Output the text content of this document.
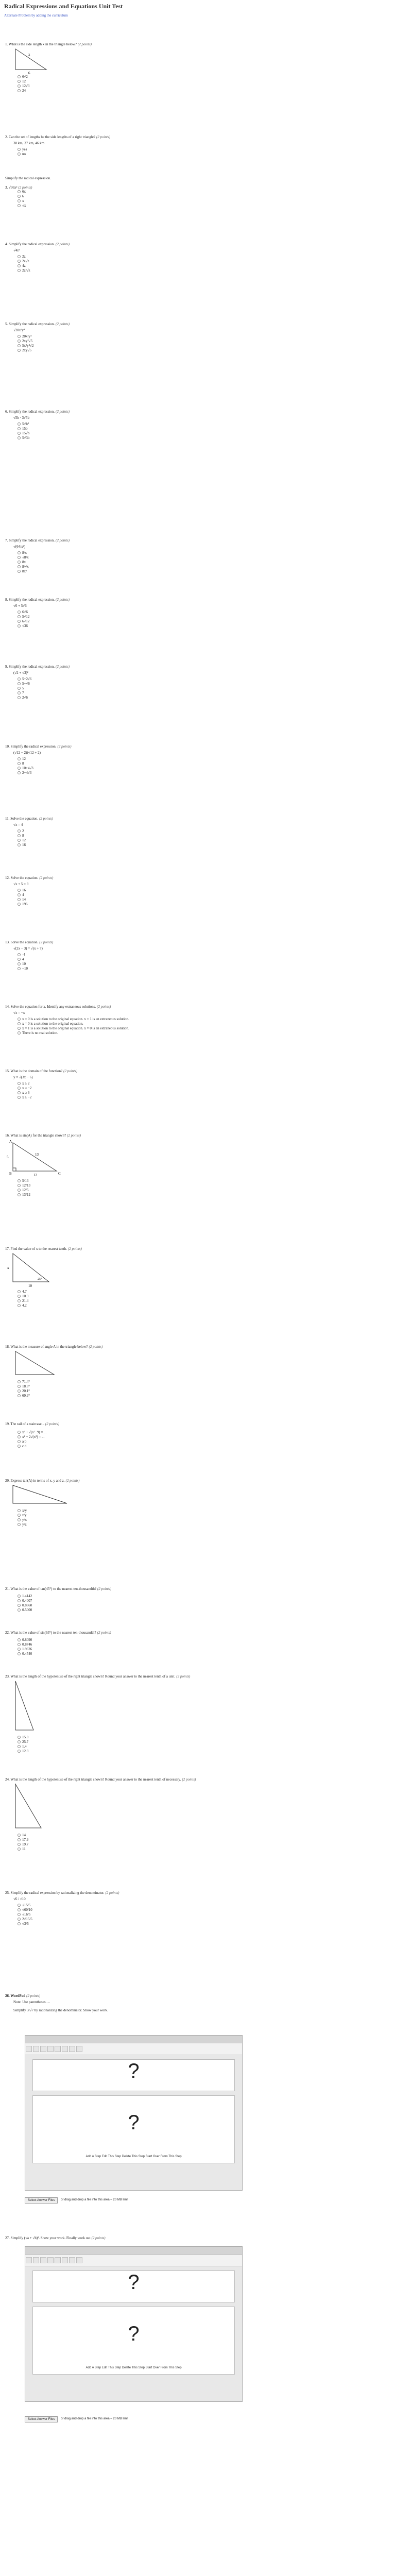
Radical Expressions and Equations Unit Test
Alternate Problem by adding the curriculum
1. What is the side length x in the triangle below? (2 points)
x
6
6√2
12
12√3
24
2. Can the set of lengths be the side lengths of a right triangle? (2 points)
30 km, 37 km, 46 km
yes
no
Simplify the radical expression.
3. √36x² (2 points)
6x
6
x
√x
4. Simplify the radical expression. (2 points)
√4z³
2z
2z√z
4z
2z²√z
5. Simplify the radical expression. (2 points)
√20x²y⁴
20x²y⁴
2xy²√5
5x²y⁴√2
2xy√5
6. Simplify the radical expression. (2 points)
√5b · 3√5b
5√b³
15b
15√b
5√3b
7. Simplify the radical expression. (2 points)
√(64/x²)
8/x
√8/x
8x
8/√x
8x²
8. Simplify the radical expression. (2 points)
√6 + 5√6
6√6
5√12
6√12
√36
9. Simplify the radical expression. (2 points)
(√2 + √3)²
5+2√6
5+√6
5
7
2√6
10. Simplify the radical expression. (2 points)
(√12 − 2)(√12 + 2)
12
8
10+4√3
2+4√3
11. Solve the equation. (2 points)
√x = 4
2
8
12
16
12. Solve the equation. (2 points)
√x + 5 = 9
16
4
14
196
13. Solve the equation. (2 points)
√(2x − 3) = √(x + 7)
-4
4
10
−10
14. Solve the equation for x. Identify any extraneous solutions. (2 points)
√x = −x
x = 0 is a solution to the original equation. x = 1 is an extraneous solution.
x = 0 is a solution to the original equation.
x = 1 is a solution to the original equation. x = 0 is an extraneous solution.
There is no real solution.
15. What is the domain of the function? (2 points)
y = √(3x − 6)
x ≥ 2
x ≤ −2
x ≥ 6
x ≥ −2
16. What is sin(A) for the triangle shown? (2 points)
A
B	C
13
5
12
5/13
12/13
12/5
13/12
17. Find the value of x to the nearest tenth. (2 points)
x
25°
10
4.7
10.3
21.4
4.2
18. What is the measure of angle A in the triangle below? (2 points)
71.4°
18.6°
20.1°
69.9°
19. The rail of a staircase... (2 points)
x² + √(x²−9) = ...
x² + 2√(x²) = ...
a b
c d
20. Express tan(A) in terms of x, y and z. (2 points)
x/y
z/y
y/x
y/z
21. What is the value of tan(45°) to the nearest ten-thousandth? (2 points)
1.4142
0.4007
0.8660
0.5000
22. What is the value of sin(63°) to the nearest ten-thousandth? (2 points)
0.8090
0.8746
1.9626
0.4540
23. What is the length of the hypotenuse of the right triangle shown? Round your answer to the nearest tenth of a unit. (2 points)
15.8
25.7
1.4
12.3
24. What is the length of the hypotenuse of the right triangle shown? Round your answer to the nearest tenth of necessary. (2 points)
14
17.9
19.7
11
25. Simplify the radical expression by rationalizing the denominator. (2 points)
√6 / √10
√15/5
√60/10
√16/5
2√15/5
√3/5
26. WordPad (2 points)
Note: Use parentheses. ...
Simplify 3/√7 by rationalizing the denominator. Show your work.
?
?
Add A Step Edit This Step Delete This Step Start Over From This Step
Select Answer Files	or drag and drop a file into this area – 20 MB limit
27. Simplify (√a + √b)². Show your work. Finally work out (2 points)
?
?
Add A Step Edit This Step Delete This Step Start Over From This Step
Select Answer Files	or drag and drop a file into this area – 20 MB limit
